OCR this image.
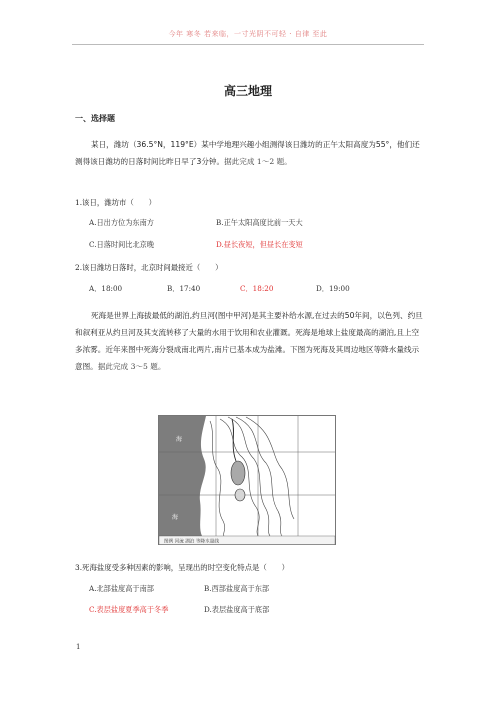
今年 寒冬 若来临，一寸光阴不可轻 · 自律 至此
高三地理
一、选择题
某日，潍坊（36.5°N，119°E）某中学地理兴趣小组测得该日潍坊的正午太阳高度为55°，他们还测得该日潍坊的日落时间比昨日早了3分钟。据此完成 1～2 题。
1.该日，潍坊市（　　）
A.日出方位为东南方	B.正午太阳高度比前一天大
C.日落时间比北京晚	D.昼长夜短，但昼长在变短
2.该日潍坊日落时，北京时间最接近（　　）
A．18:00	B．17:40	C．18:20	D．19:00
死海是世界上海拔最低的湖泊,约旦河(图中甲河)是其主要补给水源,在过去的50年间，以色列、约旦和叙利亚从约旦河及其支流转移了大量的水用于饮用和农业灌溉。死海是地球上盐度最高的湖泊,且上空多浓雾。近年来图中死海分裂成南北两片,南片已基本成为盐滩。下图为死海及其周边地区等降水量线示意图。据此完成 3～5 题。
海
海
图例 河流 湖泊 等降水量线
3.死海盐度受多种因素的影响，呈现出的时空变化特点是（　　）
A.北部盐度高于南部	B.西部盐度高于东部
C.表层盐度夏季高于冬季	D.表层盐度高于底部
1
